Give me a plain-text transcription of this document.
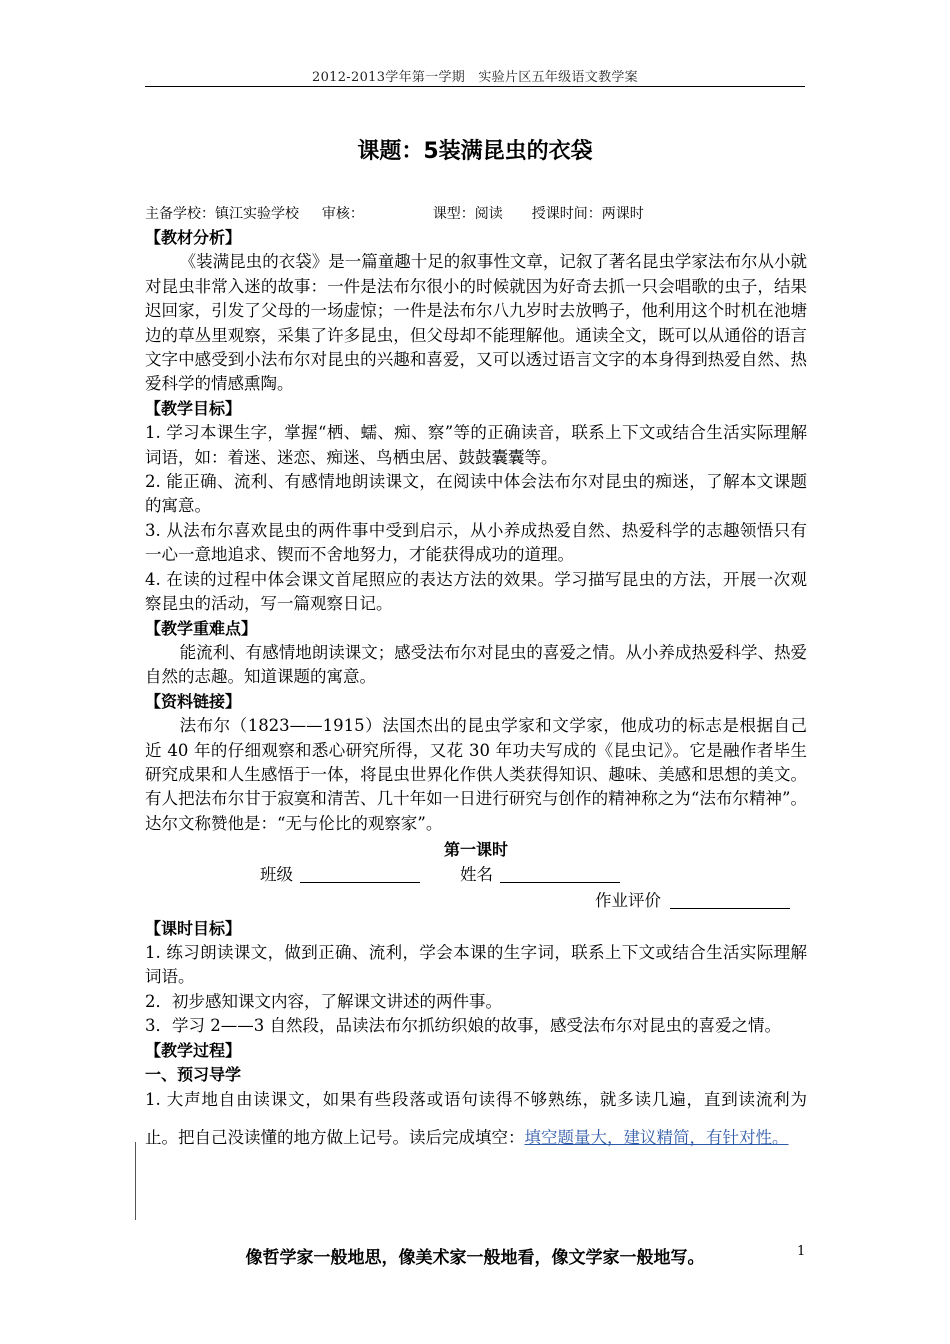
2012-2013学年第一学期　实验片区五年级语文教学案
课题：5装满昆虫的衣袋
主备学校：镇江实验学校 审核：	课型：阅读 授课时间：两课时

【教材分析】

《装满昆虫的衣袋》是一篇童趣十足的叙事性文章，记叙了著名昆虫学家法布尔从小就对昆虫非常入迷的故事：一件是法布尔很小的时候就因为好奇去抓一只会唱歌的虫子，结果迟回家，引发了父母的一场虚惊；一件是法布尔八九岁时去放鸭子，他利用这个时机在池塘边的草丛里观察，采集了许多昆虫，但父母却不能理解他。通读全文，既可以从通俗的语言文字中感受到小法布尔对昆虫的兴趣和喜爱，又可以透过语言文字的本身得到热爱自然、热爱科学的情感熏陶。

【教学目标】

1. 学习本课生字，掌握“栖、蠕、痴、察”等的正确读音，联系上下文或结合生活实际理解词语，如：着迷、迷恋、痴迷、鸟栖虫居、鼓鼓囊囊等。

2. 能正确、流利、有感情地朗读课文，在阅读中体会法布尔对昆虫的痴迷，了解本文课题的寓意。

3. 从法布尔喜欢昆虫的两件事中受到启示，从小养成热爱自然、热爱科学的志趣领悟只有一心一意地追求、锲而不舍地努力，才能获得成功的道理。

4. 在读的过程中体会课文首尾照应的表达方法的效果。学习描写昆虫的方法，开展一次观察昆虫的活动，写一篇观察日记。

【教学重难点】

能流利、有感情地朗读课文；感受法布尔对昆虫的喜爱之情。从小养成热爱科学、热爱自然的志趣。知道课题的寓意。

【资料链接】

法布尔（1823——1915）法国杰出的昆虫学家和文学家，他成功的标志是根据自己近 40 年的仔细观察和悉心研究所得，又花 30 年功夫写成的《昆虫记》。它是融作者毕生研究成果和人生感悟于一体，将昆虫世界化作供人类获得知识、趣味、美感和思想的美文。有人把法布尔甘于寂寞和清苦、几十年如一日进行研究与创作的精神称之为“法布尔精神”。达尔文称赞他是：“无与伦比的观察家”。

第一课时

班级	姓名
作业评价

【课时目标】

1. 练习朗读课文，做到正确、流利，学会本课的生字词，联系上下文或结合生活实际理解词语。

2．初步感知课文内容，了解课文讲述的两件事。

3．学习 2——3 自然段，品读法布尔抓纺织娘的故事，感受法布尔对昆虫的喜爱之情。

【教学过程】

一、预习导学

1. 大声地自由读课文，如果有些段落或语句读得不够熟练，就多读几遍，直到读流利为止。把自己没读懂的地方做上记号。读后完成填空：填空题量大，建议精简，有针对性。

像哲学家一般地思，像美术家一般地看，像文学家一般地写。	1
